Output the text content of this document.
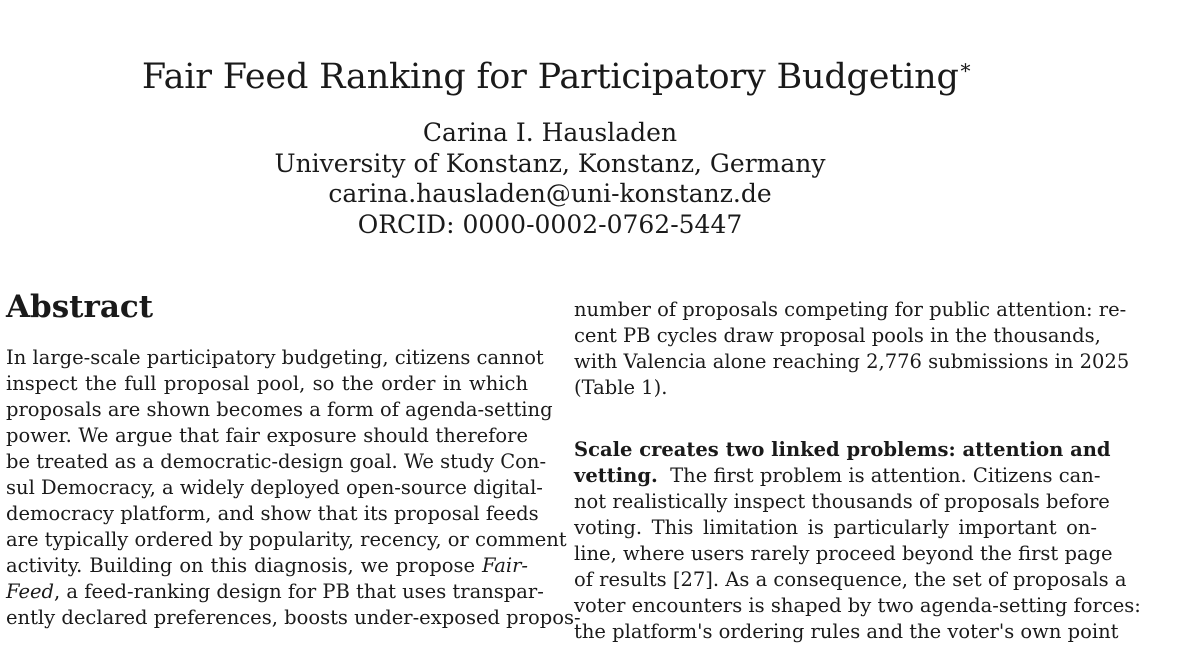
Fair Feed Ranking for Participatory Budgeting∗
Carina I. Hausladen
University of Konstanz, Konstanz, Germany
carina.hausladen@uni-konstanz.de
ORCID: 0000-0002-0762-5447
Abstract
In large-scale participatory budgeting, citizens cannot
inspect the full proposal pool, so the order in which
proposals are shown becomes a form of agenda-setting
power. We argue that fair exposure should therefore
be treated as a democratic-design goal. We study Con-
sul Democracy, a widely deployed open-source digital-
democracy platform, and show that its proposal feeds
are typically ordered by popularity, recency, or comment
activity. Building on this diagnosis, we propose Fair-
Feed, a feed-ranking design for PB that uses transpar-
ently declared preferences, boosts under-exposed propos-
number of proposals competing for public attention: re-
cent PB cycles draw proposal pools in the thousands,
with Valencia alone reaching 2,776 submissions in 2025
(Table 1).
Scale creates two linked problems: attention and
vetting.  The first problem is attention. Citizens can-
not realistically inspect thousands of proposals before
voting. This limitation is particularly important on-
line, where users rarely proceed beyond the first page
of results [27]. As a consequence, the set of proposals a
voter encounters is shaped by two agenda-setting forces:
the platform's ordering rules and the voter's own point
